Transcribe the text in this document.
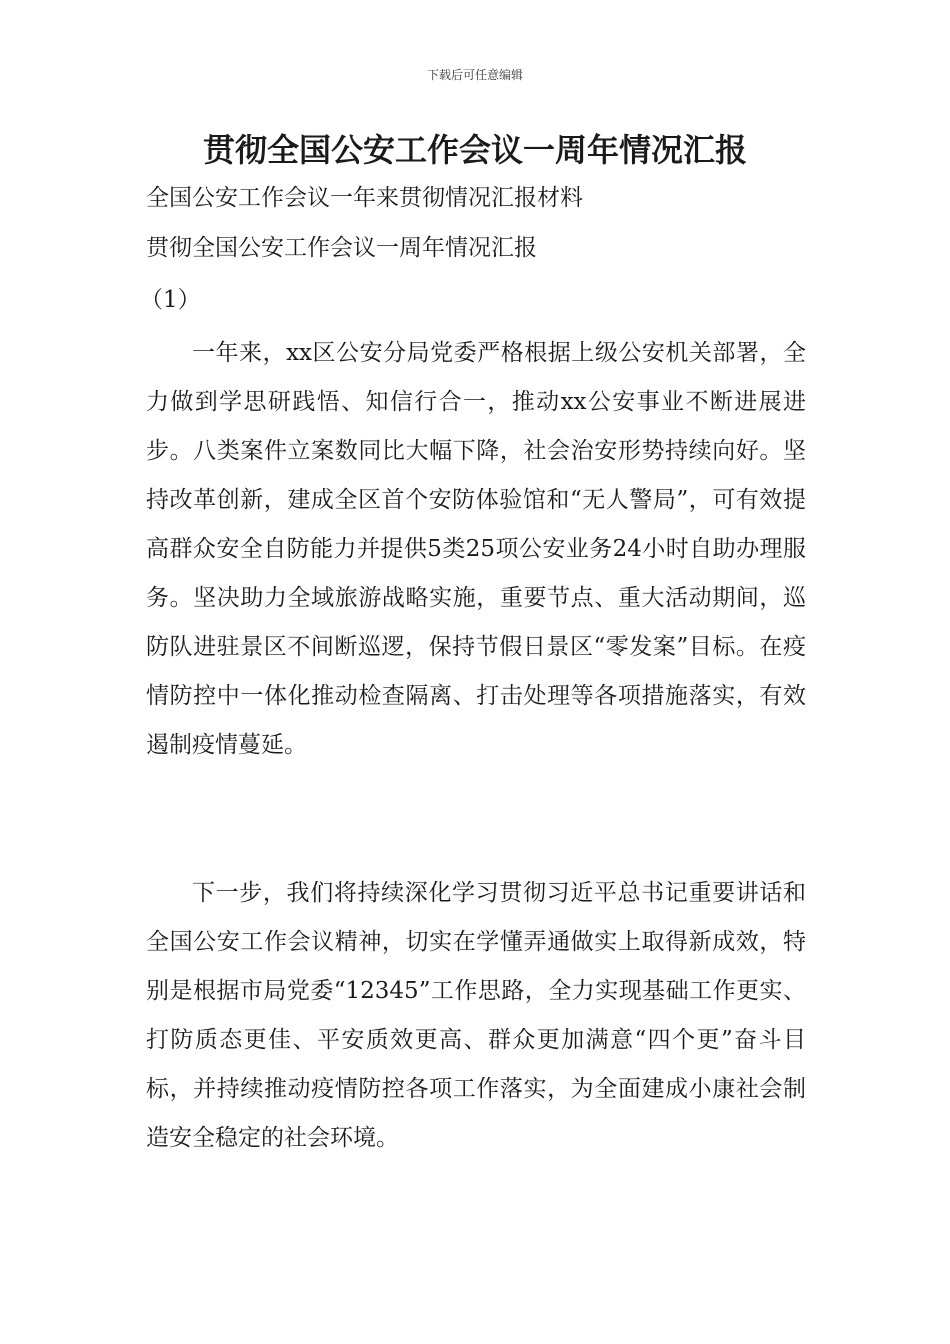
下载后可任意编辑
贯彻全国公安工作会议一周年情况汇报

全国公安工作会议一年来贯彻情况汇报材料

贯彻全国公安工作会议一周年情况汇报

（1）

一年来，xx区公安分局党委严格根据上级公安机关部署，全力做到学思研践悟、知信行合一，推动xx公安事业不断进展进步。八类案件立案数同比大幅下降，社会治安形势持续向好。坚持改革创新，建成全区首个安防体验馆和“无人警局”，可有效提高群众安全自防能力并提供5类25项公安业务24小时自助办理服务。坚决助力全域旅游战略实施，重要节点、重大活动期间，巡防队进驻景区不间断巡逻，保持节假日景区“零发案”目标。在疫情防控中一体化推动检查隔离、打击处理等各项措施落实，有效遏制疫情蔓延。

下一步，我们将持续深化学习贯彻习近平总书记重要讲话和全国公安工作会议精神，切实在学懂弄通做实上取得新成效，特别是根据市局党委“12345”工作思路，全力实现基础工作更实、打防质态更佳、平安质效更高、群众更加满意“四个更”奋斗目标，并持续推动疫情防控各项工作落实，为全面建成小康社会制造安全稳定的社会环境。
